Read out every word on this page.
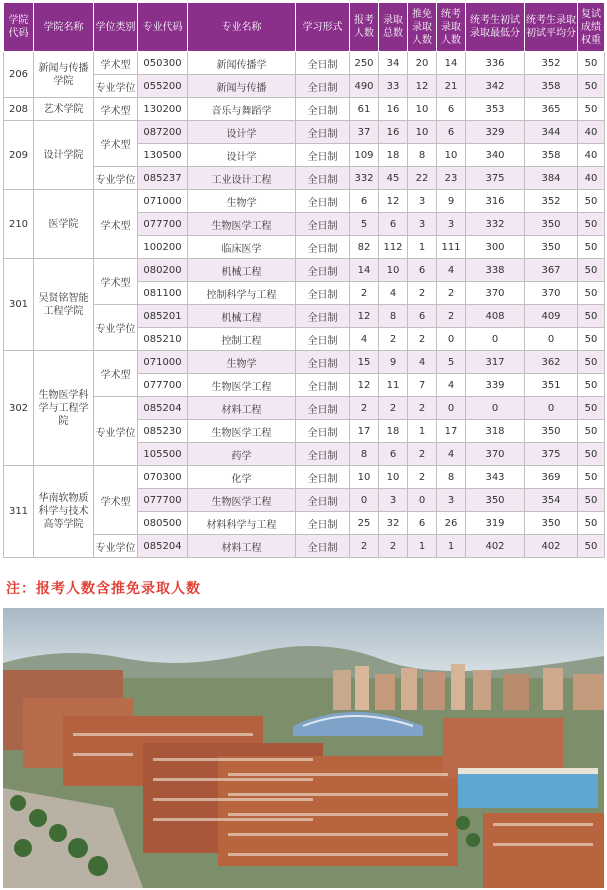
学院代码	学院名称	学位类别	专业代码	专业名称	学习形式	报考人数	录取总数	推免录取人数	统考录取人数	统考生初试录取最低分	统考生录取初试平均分	复试成绩权重
206	新闻与传播学院	学术型	050300	新闻传播学	全日制	250	34	20	14	336	352	50
		专业学位	055200	新闻与传播	全日制	490	33	12	21	342	358	50
208	艺术学院	学术型	130200	音乐与舞蹈学	全日制	61	16	10	6	353	365	50
209	设计学院	学术型	087200	设计学	全日制	37	16	10	6	329	344	40
			130500	设计学	全日制	109	18	8	10	340	358	40
		专业学位	085237	工业设计工程	全日制	332	45	22	23	375	384	40
210	医学院	学术型	071000	生物学	全日制	6	12	3	9	316	352	50
			077700	生物医学工程	全日制	5	6	3	3	332	350	50
			100200	临床医学	全日制	82	112	1	111	300	350	50
301	吴贤铭智能工程学院	学术型	080200	机械工程	全日制	14	10	6	4	338	367	50
			081100	控制科学与工程	全日制	2	4	2	2	370	370	50
		专业学位	085201	机械工程	全日制	12	8	6	2	408	409	50
			085210	控制工程	全日制	4	2	2	0	0	0	50
302	生物医学科学与工程学院	学术型	071000	生物学	全日制	15	9	4	5	317	362	50
			077700	生物医学工程	全日制	12	11	7	4	339	351	50
		专业学位	085204	材料工程	全日制	2	2	2	0	0	0	50
			085230	生物医学工程	全日制	17	18	1	17	318	350	50
			105500	药学	全日制	8	6	2	4	370	375	50
311	华南软物质科学与技术高等学院	学术型	070300	化学	全日制	10	10	2	8	343	369	50
			077700	生物医学工程	全日制	0	3	0	3	350	354	50
			080500	材料科学与工程	全日制	25	32	6	26	319	350	50
		专业学位	085204	材料工程	全日制	2	2	1	1	402	402	50
注：报考人数含推免录取人数
